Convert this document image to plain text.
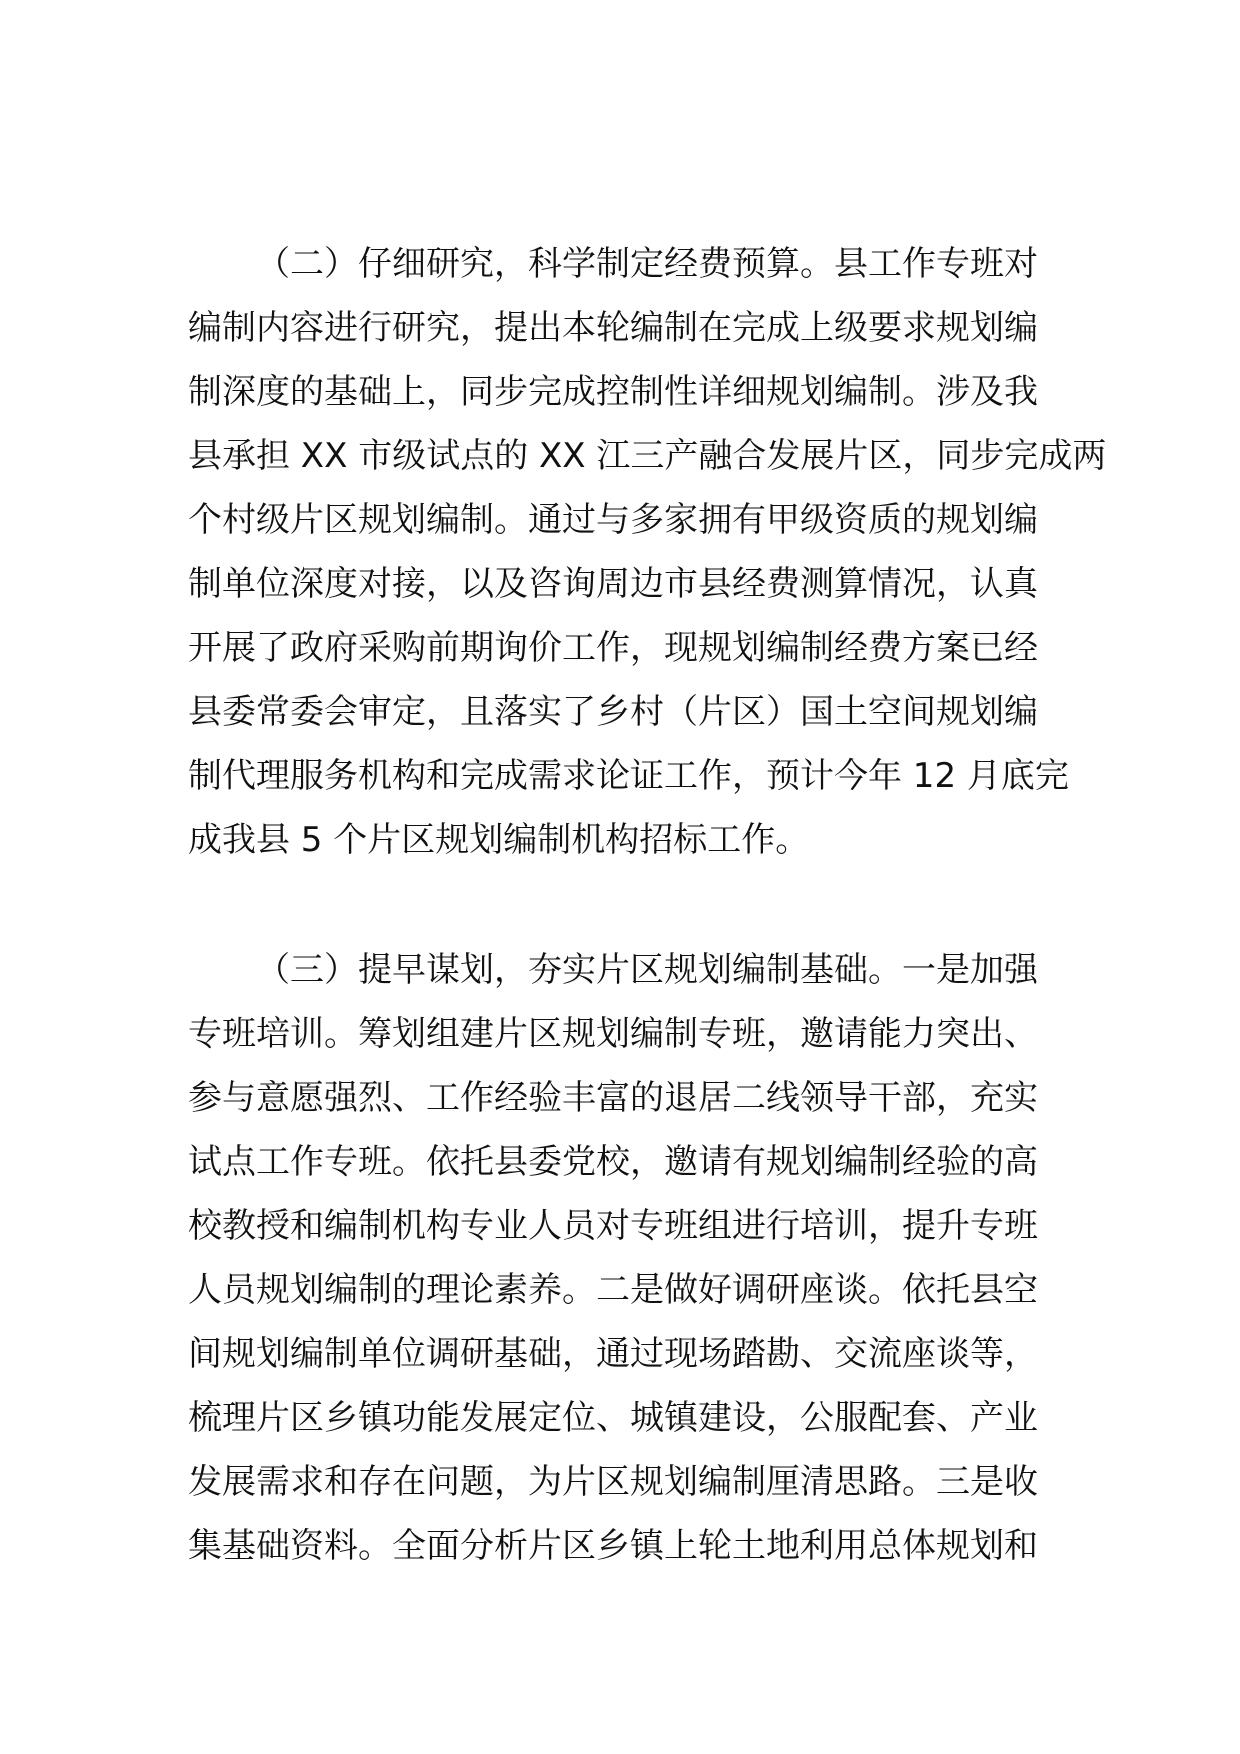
（二）仔细研究，科学制定经费预算。县工作专班对
编制内容进行研究，提出本轮编制在完成上级要求规划编
制深度的基础上，同步完成控制性详细规划编制。涉及我
县承担 XX 市级试点的 XX 江三产融合发展片区，同步完成两
个村级片区规划编制。通过与多家拥有甲级资质的规划编
制单位深度对接，以及咨询周边市县经费测算情况，认真
开展了政府采购前期询价工作，现规划编制经费方案已经
县委常委会审定，且落实了乡村（片区）国土空间规划编
制代理服务机构和完成需求论证工作，预计今年 12 月底完
成我县 5 个片区规划编制机构招标工作。
（三）提早谋划，夯实片区规划编制基础。一是加强
专班培训。筹划组建片区规划编制专班，邀请能力突出、
参与意愿强烈、工作经验丰富的退居二线领导干部，充实
试点工作专班。依托县委党校，邀请有规划编制经验的高
校教授和编制机构专业人员对专班组进行培训，提升专班
人员规划编制的理论素养。二是做好调研座谈。依托县空
间规划编制单位调研基础，通过现场踏勘、交流座谈等，
梳理片区乡镇功能发展定位、城镇建设，公服配套、产业
发展需求和存在问题，为片区规划编制厘清思路。三是收
集基础资料。全面分析片区乡镇上轮土地利用总体规划和
